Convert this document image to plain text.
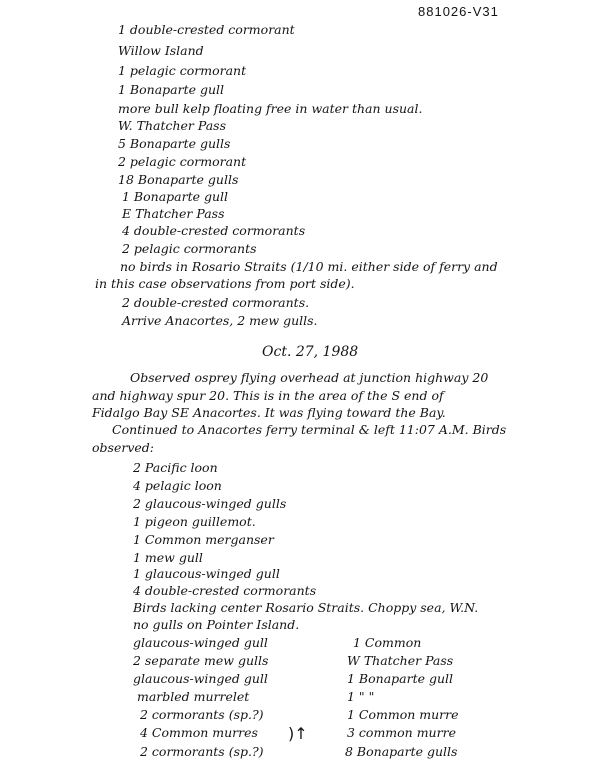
881026-V31
1 double-crested cormorant
Willow Island
1 pelagic cormorant
1 Bonaparte gull
more bull kelp floating free in water than usual.
W. Thatcher Pass
5 Bonaparte gulls
2 pelagic cormorant
18 Bonaparte gulls
1 Bonaparte gull
E Thatcher Pass
4 double-crested cormorants
2 pelagic cormorants
no birds in Rosario Straits (1/10 mi. either side of ferry and
in this case observations from port side).
2 double-crested cormorants.
Arrive Anacortes, 2 mew gulls.
Oct. 27, 1988
Observed osprey flying overhead at junction highway 20
and highway spur 20. This is in the area of the S end of
Fidalgo Bay SE Anacortes. It was flying toward the Bay.
Continued to Anacortes ferry terminal & left 11:07 A.M. Birds
observed:
2 Pacific loon
4 pelagic loon
2 glaucous-winged gulls
1 pigeon guillemot.
1 Common merganser
1 mew gull
1 glaucous-winged gull
4 double-crested cormorants
Birds lacking center Rosario Straits. Choppy sea, W.N.
no gulls on Pointer Island.
glaucous-winged gull
2 separate mew gulls
glaucous-winged gull
marbled murrelet
2 cormorants (sp.?)
4 Common murres
2 cormorants (sp.?)
)↑
1 Common
W Thatcher Pass
1 Bonaparte gull
1 " "
1 Common murre
3 common murre
8 Bonaparte gulls
